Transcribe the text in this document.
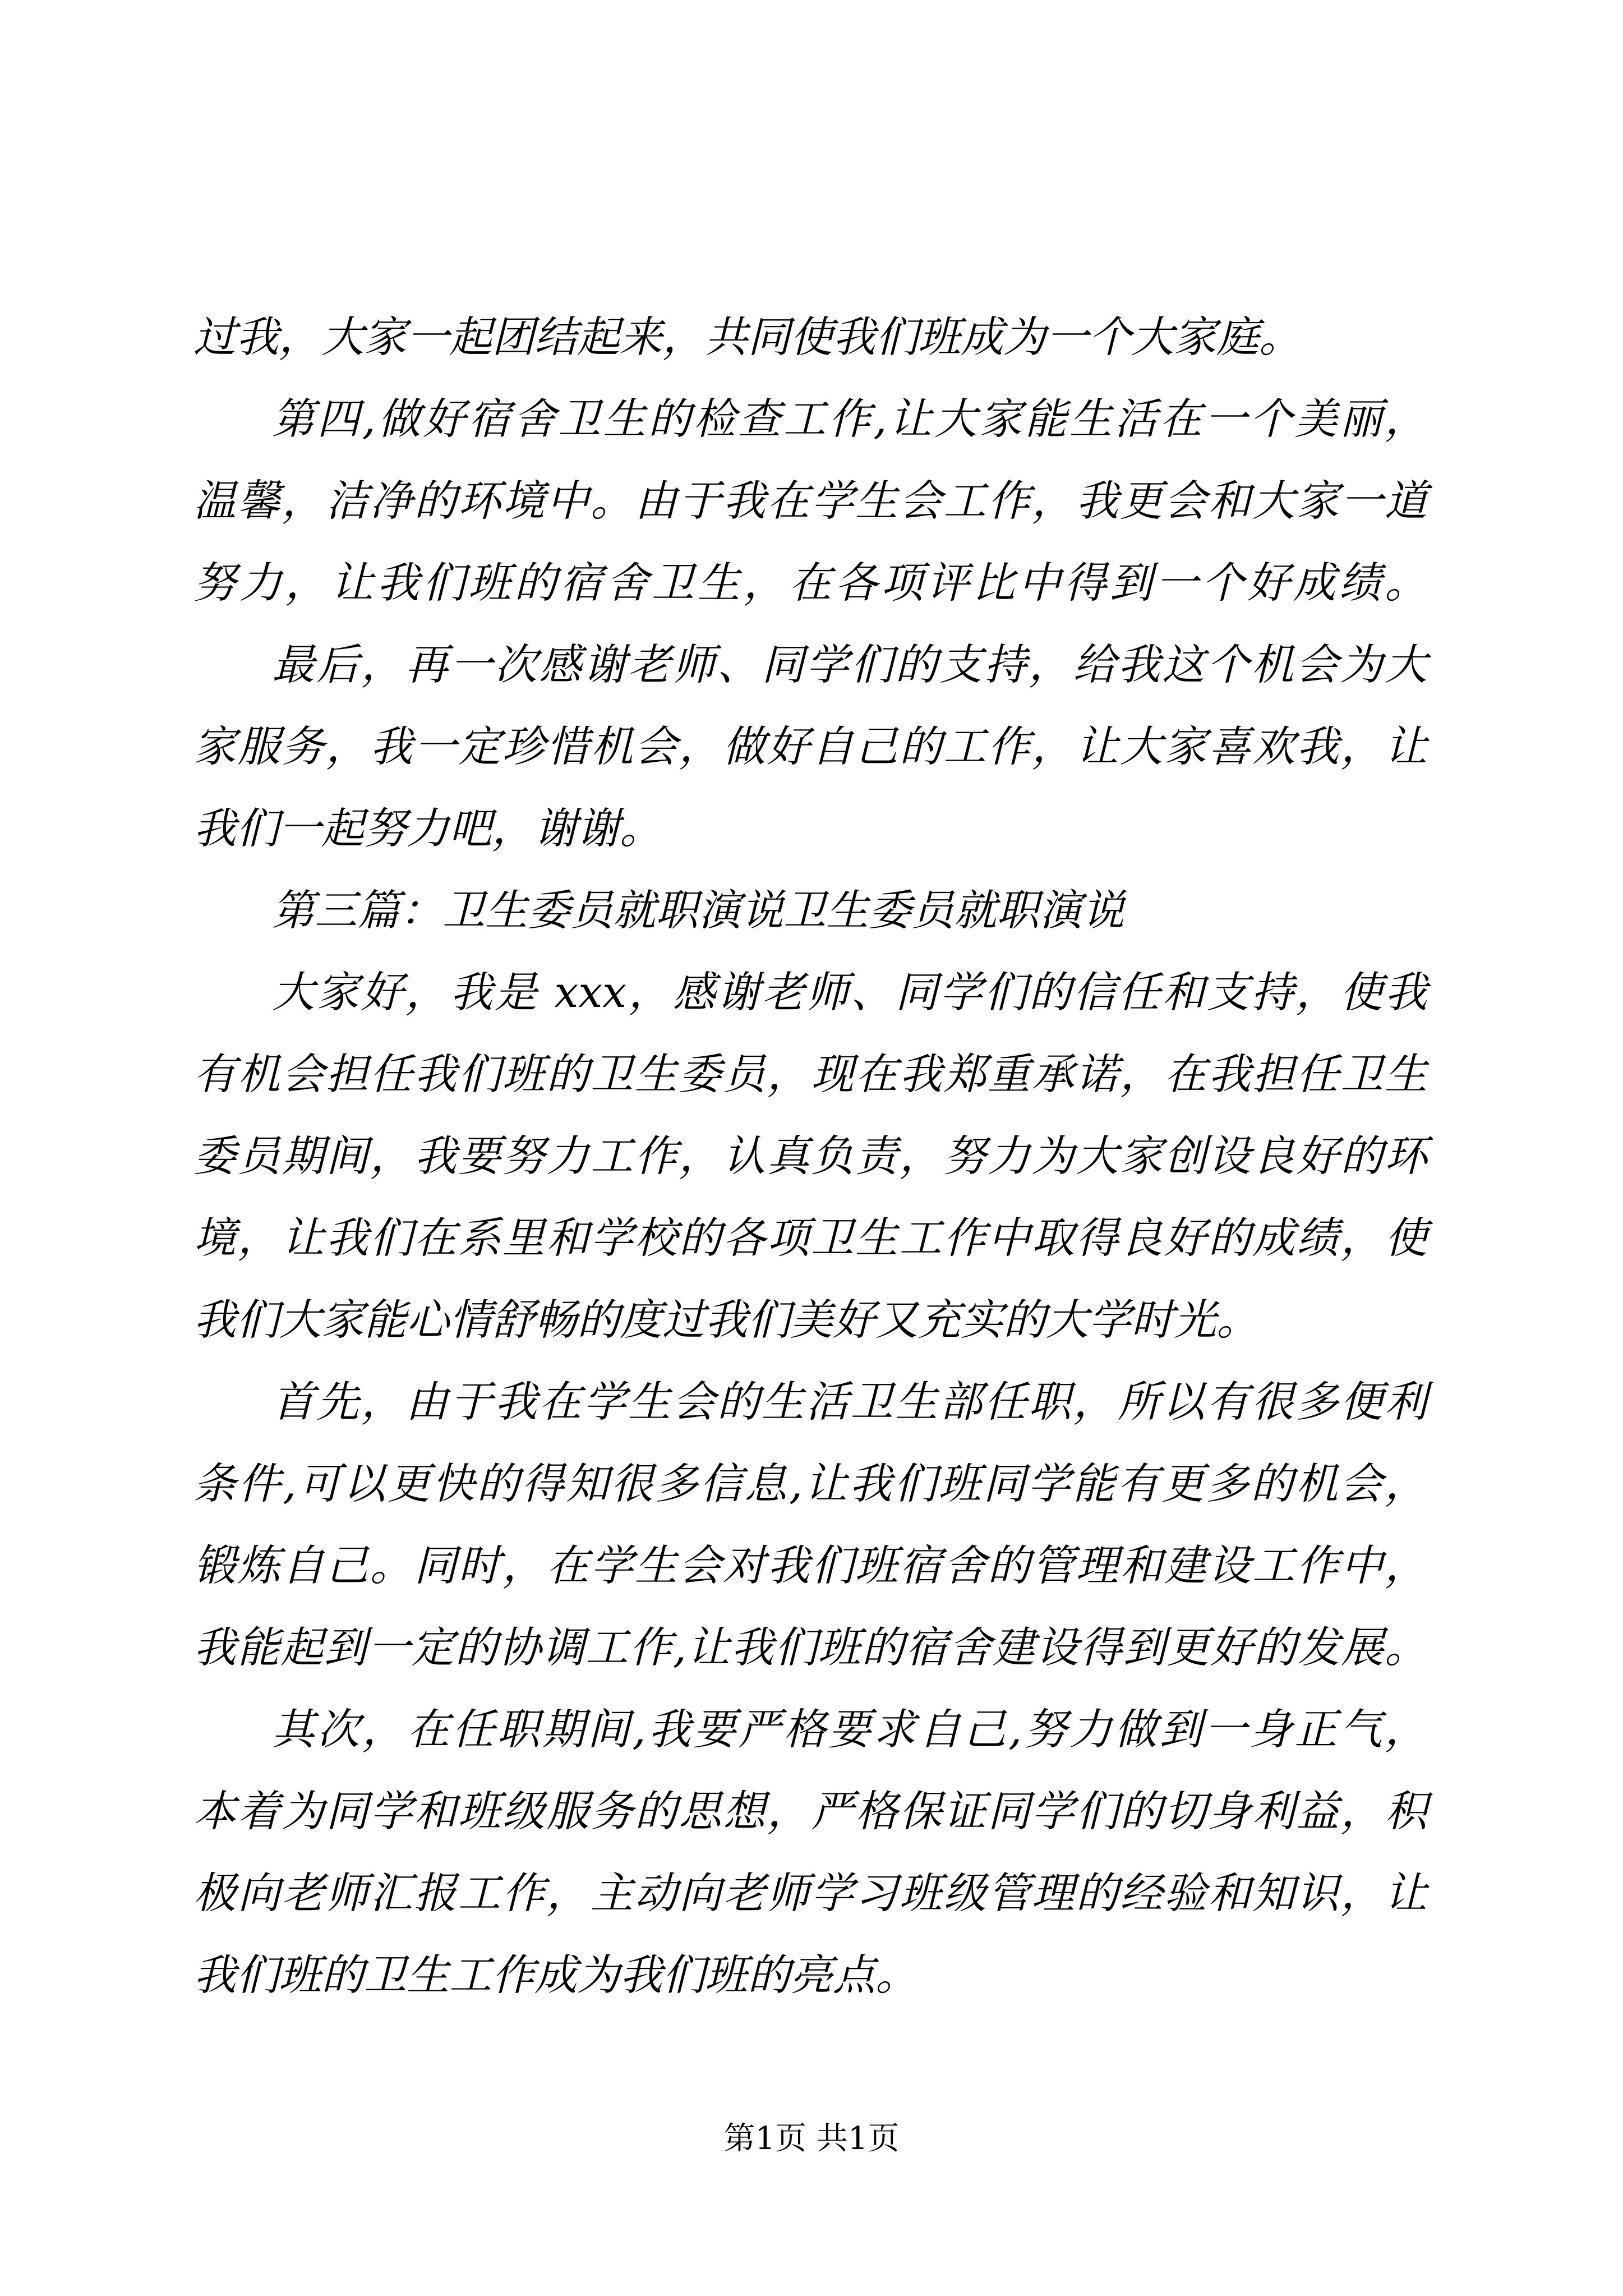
过我，大家一起团结起来，共同使我们班成为一个大家庭。
第四,做好宿舍卫生的检查工作,让大家能生活在一个美丽，
温馨，洁净的环境中。由于我在学生会工作，我更会和大家一道
努力，让我们班的宿舍卫生，在各项评比中得到一个好成绩。
最后，再一次感谢老师、同学们的支持，给我这个机会为大
家服务，我一定珍惜机会，做好自己的工作，让大家喜欢我，让
我们一起努力吧，谢谢。
第三篇：卫生委员就职演说卫生委员就职演说
大家好，我是 xxx，感谢老师、同学们的信任和支持，使我
有机会担任我们班的卫生委员，现在我郑重承诺，在我担任卫生
委员期间，我要努力工作，认真负责，努力为大家创设良好的环
境，让我们在系里和学校的各项卫生工作中取得良好的成绩，使
我们大家能心情舒畅的度过我们美好又充实的大学时光。
首先，由于我在学生会的生活卫生部任职，所以有很多便利
条件,可以更快的得知很多信息,让我们班同学能有更多的机会，
锻炼自己。同时，在学生会对我们班宿舍的管理和建设工作中，
我能起到一定的协调工作,让我们班的宿舍建设得到更好的发展。
其次，在任职期间,我要严格要求自己,努力做到一身正气，
本着为同学和班级服务的思想，严格保证同学们的切身利益，积
极向老师汇报工作，主动向老师学习班级管理的经验和知识，让
我们班的卫生工作成为我们班的亮点。
第1页 共1页
